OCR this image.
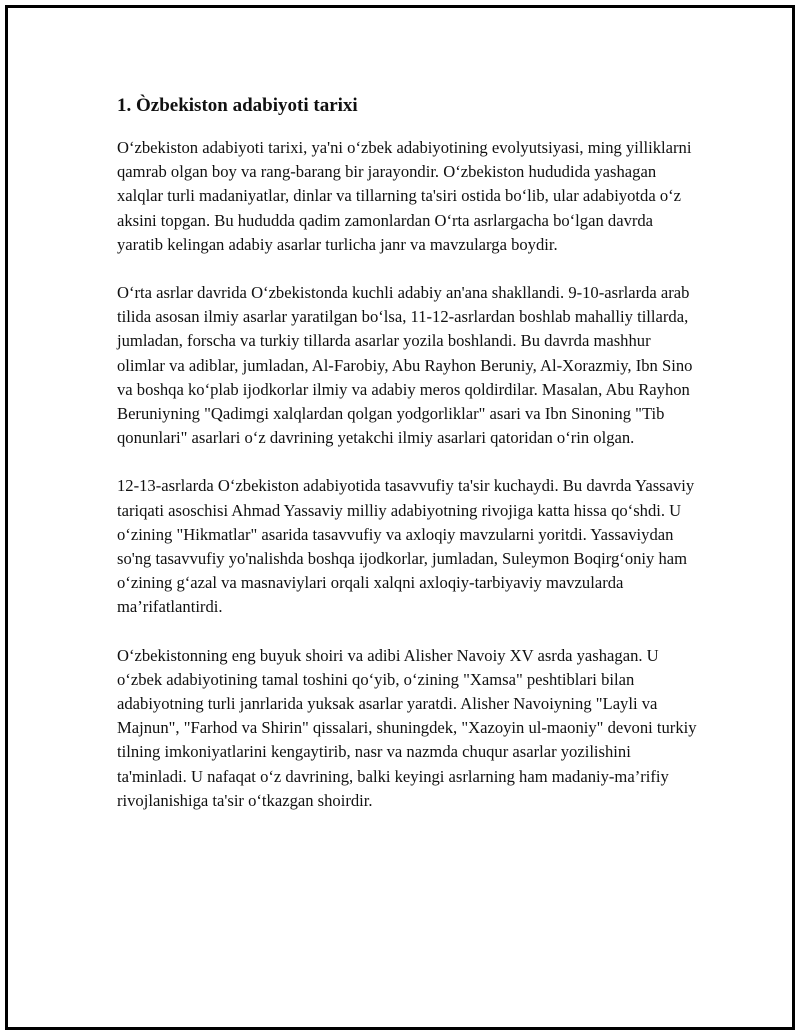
1. Òzbekiston adabiyoti tarixi

O‘zbekiston adabiyoti tarixi, ya'ni o‘zbek adabiyotining evolyutsiyasi, ming yilliklarni qamrab olgan boy va rang-barang bir jarayondir. O‘zbekiston hududida yashagan xalqlar turli madaniyatlar, dinlar va tillarning ta'siri ostida bo‘lib, ular adabiyotda o‘z aksini topgan. Bu hududda qadim zamonlardan O‘rta asrlargacha bo‘lgan davrda yaratib kelingan adabiy asarlar turlicha janr va mavzularga boydir.

O‘rta asrlar davrida O‘zbekistonda kuchli adabiy an'ana shakllandi. 9-10-asrlarda arab tilida asosan ilmiy asarlar yaratilgan bo‘lsa, 11-12-asrlardan boshlab mahalliy tillarda, jumladan, forscha va turkiy tillarda asarlar yozila boshlandi. Bu davrda mashhur olimlar va adiblar, jumladan, Al-Farobiy, Abu Rayhon Beruniy, Al-Xorazmiy, Ibn Sino va boshqa ko‘plab ijodkorlar ilmiy va adabiy meros qoldirdilar. Masalan, Abu Rayhon Beruniyning "Qadimgi xalqlardan qolgan yodgorliklar" asari va Ibn Sinoning "Tib qonunlari" asarlari o‘z davrining yetakchi ilmiy asarlari qatoridan o‘rin olgan.

12-13-asrlarda O‘zbekiston adabiyotida tasavvufiy ta'sir kuchaydi. Bu davrda Yassaviy tariqati asoschisi Ahmad Yassaviy milliy adabiyotning rivojiga katta hissa qo‘shdi. U o‘zining "Hikmatlar" asarida tasavvufiy va axloqiy mavzularni yoritdi. Yassaviydan so'ng tasavvufiy yo'nalishda boshqa ijodkorlar, jumladan, Suleymon Boqirg‘oniy ham o‘zining g‘azal va masnaviylari orqali xalqni axloqiy-tarbiyaviy mavzularda ma’rifatlantirdi.

O‘zbekistonning eng buyuk shoiri va adibi Alisher Navoiy XV asrda yashagan. U o‘zbek adabiyotining tamal toshini qo‘yib, o‘zining "Xamsa" peshtiblari bilan adabiyotning turli janrlarida yuksak asarlar yaratdi. Alisher Navoiyning "Layli va Majnun", "Farhod va Shirin" qissalari, shuningdek, "Xazoyin ul-maoniy" devoni turkiy tilning imkoniyatlarini kengaytirib, nasr va nazmda chuqur asarlar yozilishini ta'minladi. U nafaqat o‘z davrining, balki keyingi asrlarning ham madaniy-ma’rifiy rivojlanishiga ta'sir o‘tkazgan shoirdir.
